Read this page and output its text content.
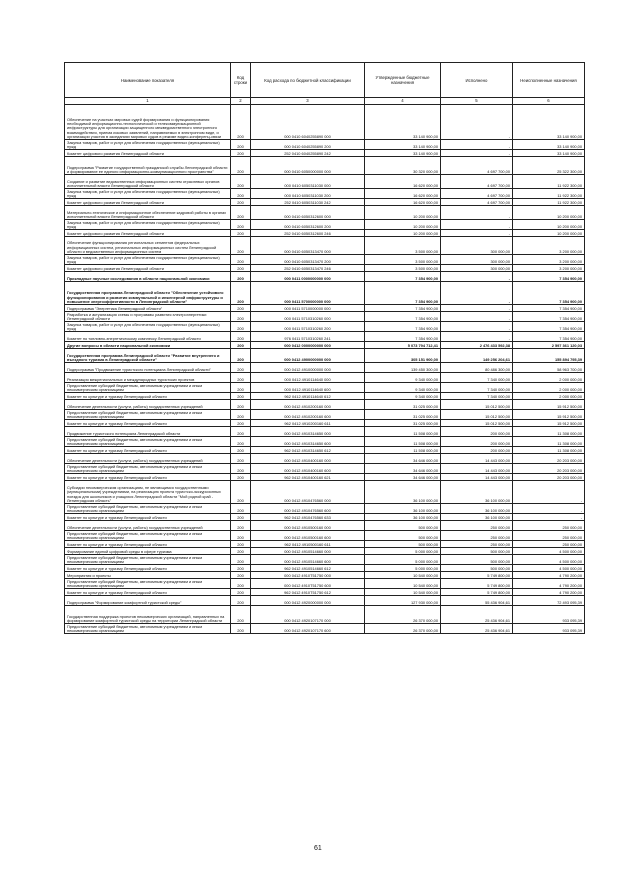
Наименование показателя	Код строки	Код расхода по бюджетной классификации	Утвержденные бюджетные назначения	Исполнено	Неисполненные назначения
1	2	3	4	5	6
Обеспечение на участках мировых судей формирования и функционирования необходимой информационно-технологической и телекоммуникационной инфраструктуры для организации защищенного межведомственного электронного взаимодействия, приема исковых заявлений, направляемых в электронном виде, и организации участия в заседаниях мировых судов в режиме видео-конференц-связи	200	000 0410 6040255890 000	33 140 900,00	-	33 140 900,00
Закупка товаров, работ и услуг для обеспечения государственных (муниципальных) нужд	200	000 0410 6040255890 200	33 140 900,00	-	33 140 900,00
Комитет цифрового развития Ленинградской области	200	252 0410 6040255890 242	33 140 900,00	-	33 140 900,00
Подпрограмма "Развитие государственной гражданской службы Ленинградской области и формирование ее единого информационно-коммуникационного пространства"	200	000 0410 6050000000 000	30 320 000,00	4 697 700,00	25 322 300,00
Создание и развитие ведомственных информационных систем отраслевых органов исполнительной власти Ленинградской области	200	000 0410 6050311030 000	16 620 000,00	4 697 700,00	11 922 300,00
Закупка товаров, работ и услуг для обеспечения государственных (муниципальных) нужд	200	000 0410 6050311030 200	16 620 000,00	4 697 700,00	11 922 300,00
Комитет цифрового развития Ленинградской области	200	252 0410 6050311030 242	16 620 000,00	4 697 700,00	11 922 300,00
Материально-техническое и информационное обеспечение кадровой работы в органах исполнительной власти Ленинградской области	200	000 0410 6050312600 000	10 200 000,00	-	10 200 000,00
Закупка товаров, работ и услуг для обеспечения государственных (муниципальных) нужд	200	000 0410 6050312600 200	10 200 000,00	-	10 200 000,00
Комитет цифрового развития Ленинградской области	200	252 0410 6050312600 246	10 200 000,00	-	10 200 000,00
Обеспечение функционирования региональных сегментов федеральных информационных систем, региональных информационных систем Ленинградской области и ведомственных информационных систем	200	000 0410 6050313470 000	3 500 000,00	300 000,00	3 200 000,00
Закупка товаров, работ и услуг для обеспечения государственных (муниципальных) нужд	200	000 0410 6050313470 200	3 500 000,00	300 000,00	3 200 000,00
Комитет цифрового развития Ленинградской области	200	252 0410 6050313470 246	3 500 000,00	300 000,00	3 200 000,00
Прикладные научные исследования в области национальной экономики	200	000 0411 0000000000 000	7 354 900,00	-	7 354 900,00
Государственная программа Ленинградской области "Обеспечение устойчивого функционирования и развития коммунальной и инженерной инфраструктуры и повышение энергоэффективности в Ленинградской области"	200	000 0411 5700000000 000	7 354 900,00	-	7 354 900,00
Подпрограмма "Энергетика Ленинградской области"	200	000 0411 5710000000 000	7 354 900,00	-	7 354 900,00
Разработка и актуализация схемы и программы развития электроэнергетики Ленинградской области	200	000 0411 5710310260 000	7 354 900,00	-	7 354 900,00
Закупка товаров, работ и услуг для обеспечения государственных (муниципальных) нужд	200	000 0411 5710310260 200	7 354 900,00	-	7 354 900,00
Комитет по топливно-энергетическому комплексу Ленинградской области	200	976 0411 5710310260 241	7 354 900,00	-	7 354 900,00
Другие вопросы в области национальной экономики	200	000 0412 0000000000 000	5 073 794 712,41	2 476 433 592,38	2 597 361 120,03
Государственная программа Ленинградской области "Развитие внутреннего и въездного туризма в Ленинградской области"	200	000 0412 4900000000 000	305 151 900,00	149 256 204,61	155 894 795,39
Подпрограмма "Продвижение туристского потенциала Ленинградской области"	200	000 0412 4910000000 000	139 450 300,00	80 486 300,00	58 963 700,00
Реализация межрегиональных и международных туристских проектов	200	000 0412 4910114640 000	9 340 000,00	7 340 000,00	2 000 000,00
Предоставление субсидий бюджетным, автономным учреждениям и иным некоммерческим организациям	200	000 0412 4910114640 600	9 340 000,00	7 340 000,00	2 000 000,00
Комитет по культуре и туризму Ленинградской области	200	962 0412 4910114640 612	9 340 000,00	7 340 000,00	2 000 000,00
Обеспечение деятельности (услуги, работы) государственных учреждений	200	000 0412 4910200160 000	31 025 000,00	15 012 500,00	15 912 500,00
Предоставление субсидий бюджетным, автономным учреждениям и иным некоммерческим организациям	200	000 0412 4910200160 600	31 025 000,00	15 012 500,00	15 912 500,00
Комитет по культуре и туризму Ленинградской области	200	962 0412 4910200160 611	31 025 000,00	15 012 500,00	15 912 500,00
Продвижение туристского потенциала Ленинградской области	200	000 0412 4910314650 000	11 508 000,00	200 000,00	11 308 000,00
Предоставление субсидий бюджетным, автономным учреждениям и иным некоммерческим организациям	200	000 0412 4910314650 600	11 508 000,00	200 000,00	11 308 000,00
Комитет по культуре и туризму Ленинградской области	200	962 0412 4910314650 612	11 508 000,00	200 000,00	11 308 000,00
Обеспечение деятельности (услуги, работы) государственных учреждений	200	000 0412 4910400160 000	34 646 000,00	14 443 000,00	20 203 000,00
Предоставление субсидий бюджетным, автономным учреждениям и иным некоммерческим организациям	200	000 0412 4910400160 600	34 646 000,00	14 443 000,00	20 203 000,00
Комитет по культуре и туризму Ленинградской области	200	962 0412 4910400160 621	34 646 000,00	14 443 000,00	20 203 000,00
Субсидии некоммерческим организациям, не являющимся государственными (муниципальными) учреждениями, на реализацию проекта туристско-экскурсионных поездок для школьников и учащихся Ленинградской области "Мой родной край - Ленинградская область"	200	000 0412 4910476560 000	36 100 000,00	36 100 000,00	-
Предоставление субсидий бюджетным, автономным учреждениям и иным некоммерческим организациям	200	000 0412 4910476560 600	36 100 000,00	36 100 000,00	-
Комитет по культуре и туризму Ленинградской области	200	962 0412 4910476560 633	36 100 000,00	36 100 000,00	-
Обеспечение деятельности (услуги, работы) государственных учреждений	200	000 0412 4910500160 000	500 000,00	250 000,00	250 000,00
Предоставление субсидий бюджетным, автономным учреждениям и иным некоммерческим организациям	200	000 0412 4910500160 600	500 000,00	250 000,00	250 000,00
Комитет по культуре и туризму Ленинградской области	200	962 0412 4910500160 611	500 000,00	250 000,00	250 000,00
Формирование единой цифровой среды в сфере туризма	200	000 0412 4910514660 000	5 000 000,00	500 000,00	4 500 000,00
Предоставление субсидий бюджетным, автономным учреждениям и иным некоммерческим организациям	200	000 0412 4910514660 600	5 000 000,00	500 000,00	4 500 000,00
Комитет по культуре и туризму Ленинградской области	200	962 0412 4910514660 612	5 000 000,00	500 000,00	4 500 000,00
Мероприятия и проекты	200	000 0412 4910Т51750 000	10 540 000,00	5 749 800,00	4 790 200,00
Предоставление субсидий бюджетным, автономным учреждениям и иным некоммерческим организациям	200	000 0412 4910Т51750 600	10 540 000,00	5 749 800,00	4 790 200,00
Комитет по культуре и туризму Ленинградской области	200	962 0412 4910Т51750 612	10 540 000,00	5 749 800,00	4 790 200,00
Подпрограмма "Формирование комфортной туристской среды"	200	000 0412 4920000000 000	127 930 000,00	55 436 904,61	72 493 095,39
Государственная поддержка проектов некоммерческих организаций, направленных на формирование комфортной туристской среды на территории Ленинградской области	200	000 0412 4920107170 000	26 370 000,00	25 436 904,61	933 095,39
Предоставление субсидий бюджетным, автономным учреждениям и иным некоммерческим организациям	200	000 0412 4920107170 600	26 370 000,00	25 436 904,61	933 095,39
61
